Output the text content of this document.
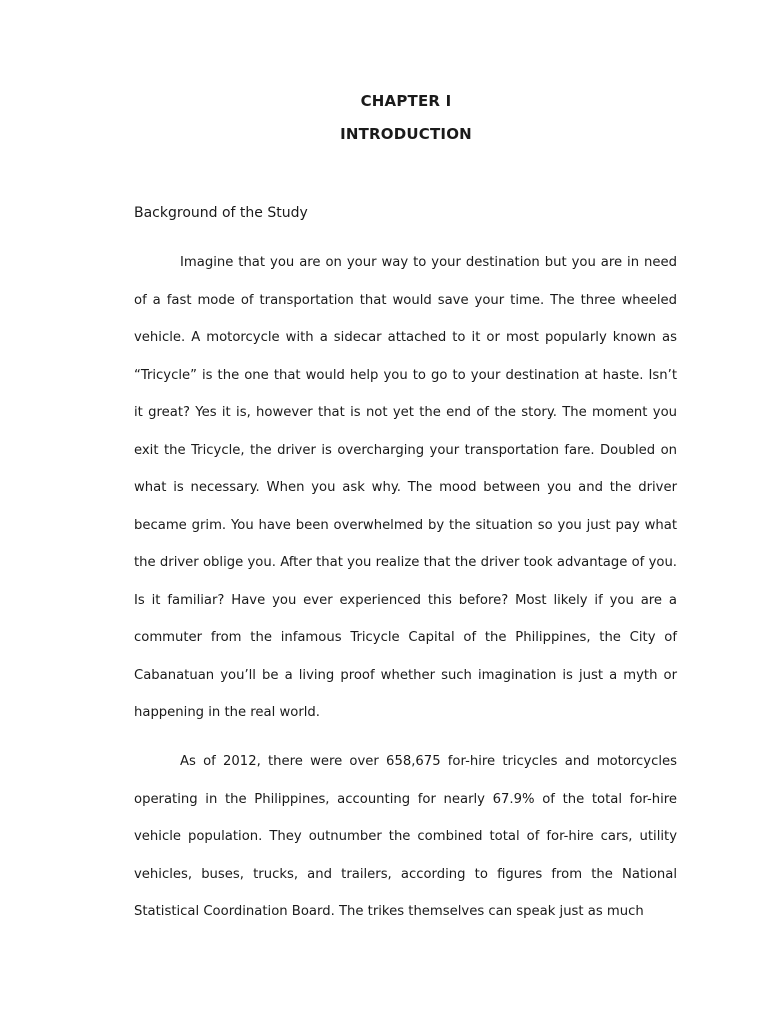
CHAPTER I
INTRODUCTION
Background of the Study

Imagine that you are on your way to your destination but you are in need of a fast mode of transportation that would save your time. The three wheeled vehicle. A motorcycle with a sidecar attached to it or most popularly known as “Tricycle” is the one that would help you to go to your destination at haste. Isn’t it great? Yes it is, however that is not yet the end of the story. The moment you exit the Tricycle, the driver is overcharging your transportation fare. Doubled on what is necessary. When you ask why. The mood between you and the driver became grim. You have been overwhelmed by the situation so you just pay what the driver oblige you. After that you realize that the driver took advantage of you. Is it familiar? Have you ever experienced this before? Most likely if you are a commuter from the infamous Tricycle Capital of the Philippines, the City of Cabanatuan you’ll be a living proof whether such imagination is just a myth or happening in the real world.

As of 2012, there were over 658,675 for-hire tricycles and motorcycles operating in the Philippines, accounting for nearly 67.9% of the total for-hire vehicle population. They outnumber the combined total of for-hire cars, utility vehicles, buses, trucks, and trailers, according to figures from the National Statistical Coordination Board. The trikes themselves can speak just as much
